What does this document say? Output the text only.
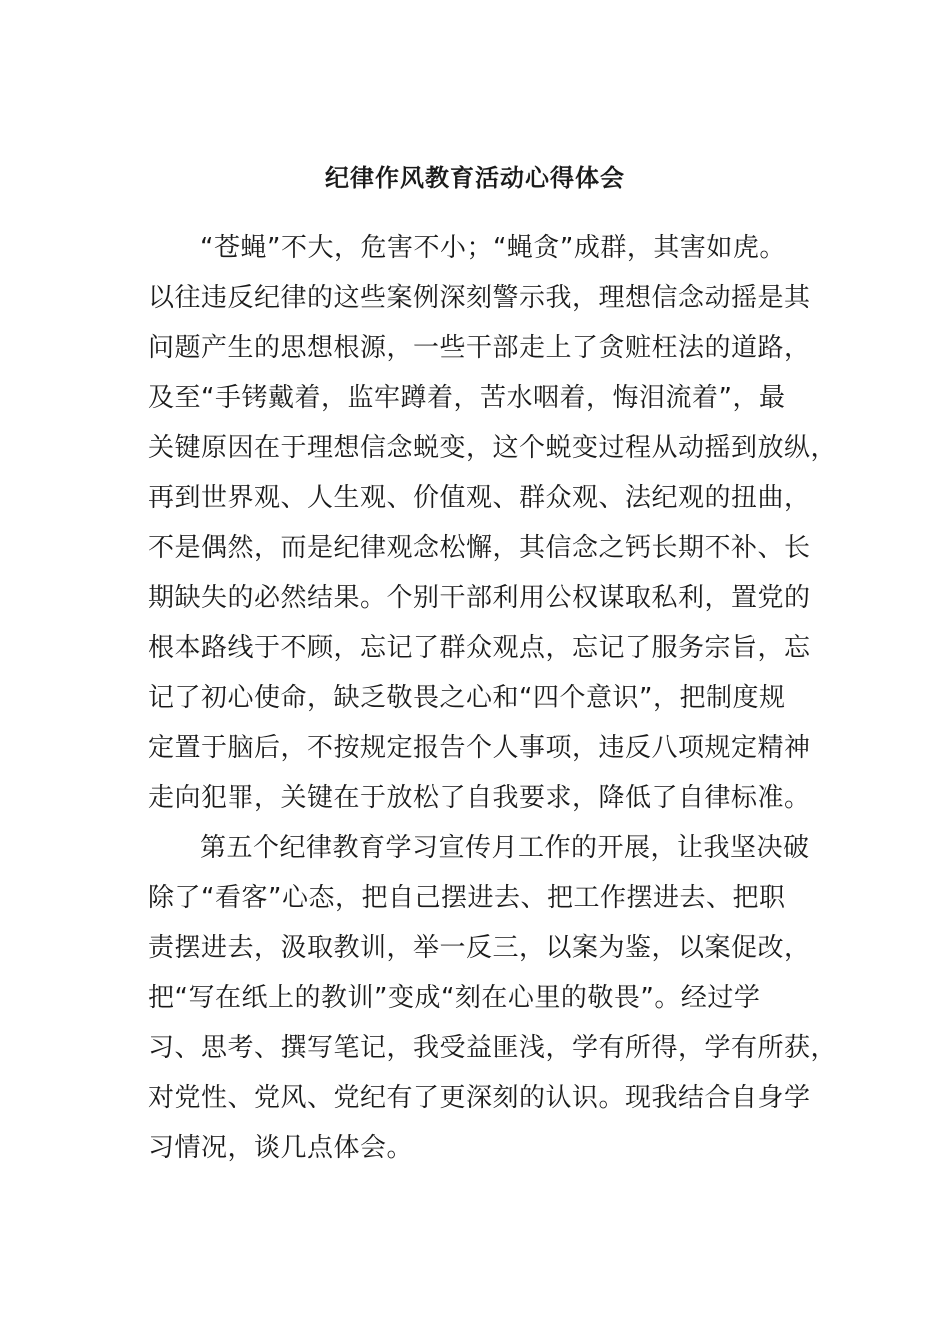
纪律作风教育活动心得体会
“苍蝇”不大，危害不小；“蝇贪”成群，其害如虎。
以往违反纪律的这些案例深刻警示我，理想信念动摇是其
问题产生的思想根源，一些干部走上了贪赃枉法的道路，
及至“手铐戴着，监牢蹲着，苦水咽着，悔泪流着”，最
关键原因在于理想信念蜕变，这个蜕变过程从动摇到放纵，
再到世界观、人生观、价值观、群众观、法纪观的扭曲，
不是偶然，而是纪律观念松懈，其信念之钙长期不补、长
期缺失的必然结果。个别干部利用公权谋取私利，置党的
根本路线于不顾，忘记了群众观点，忘记了服务宗旨，忘
记了初心使命，缺乏敬畏之心和“四个意识”，把制度规
定置于脑后，不按规定报告个人事项，违反八项规定精神
走向犯罪，关键在于放松了自我要求，降低了自律标准。
第五个纪律教育学习宣传月工作的开展，让我坚决破
除了“看客”心态，把自己摆进去、把工作摆进去、把职
责摆进去，汲取教训，举一反三，以案为鉴，以案促改，
把“写在纸上的教训”变成“刻在心里的敬畏”。经过学
习、思考、撰写笔记，我受益匪浅，学有所得，学有所获，
对党性、党风、党纪有了更深刻的认识。现我结合自身学
习情况，谈几点体会。
